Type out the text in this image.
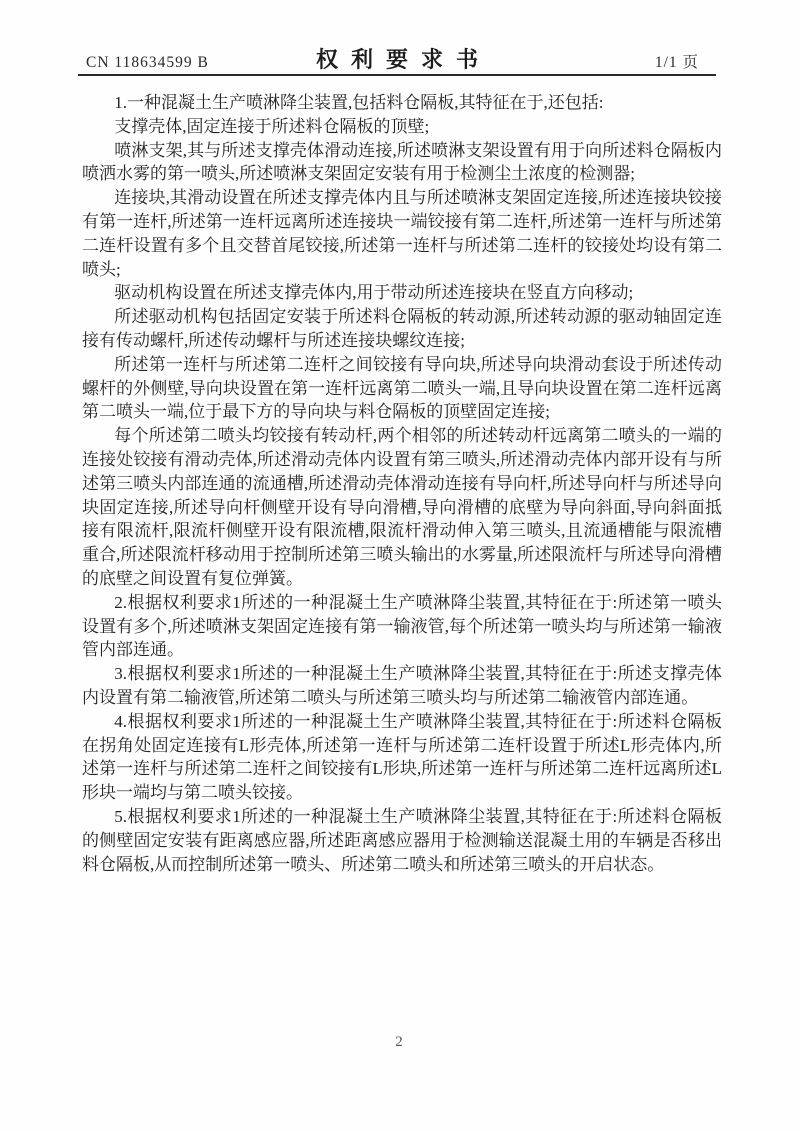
CN 118634599 B	权利要求书	1/1 页

1.一种混凝土生产喷淋降尘装置,包括料仓隔板,其特征在于,还包括:

支撑壳体,固定连接于所述料仓隔板的顶壁;

喷淋支架,其与所述支撑壳体滑动连接,所述喷淋支架设置有用于向所述料仓隔板内喷洒水雾的第一喷头,所述喷淋支架固定安装有用于检测尘土浓度的检测器;

连接块,其滑动设置在所述支撑壳体内且与所述喷淋支架固定连接,所述连接块铰接有第一连杆,所述第一连杆远离所述连接块一端铰接有第二连杆,所述第一连杆与所述第二连杆设置有多个且交替首尾铰接,所述第一连杆与所述第二连杆的铰接处均设有第二喷头;

驱动机构设置在所述支撑壳体内,用于带动所述连接块在竖直方向移动;

所述驱动机构包括固定安装于所述料仓隔板的转动源,所述转动源的驱动轴固定连接有传动螺杆,所述传动螺杆与所述连接块螺纹连接;

所述第一连杆与所述第二连杆之间铰接有导向块,所述导向块滑动套设于所述传动螺杆的外侧壁,导向块设置在第一连杆远离第二喷头一端,且导向块设置在第二连杆远离第二喷头一端,位于最下方的导向块与料仓隔板的顶壁固定连接;

每个所述第二喷头均铰接有转动杆,两个相邻的所述转动杆远离第二喷头的一端的连接处铰接有滑动壳体,所述滑动壳体内设置有第三喷头,所述滑动壳体内部开设有与所述第三喷头内部连通的流通槽,所述滑动壳体滑动连接有导向杆,所述导向杆与所述导向块固定连接,所述导向杆侧壁开设有导向滑槽,导向滑槽的底壁为导向斜面,导向斜面抵接有限流杆,限流杆侧壁开设有限流槽,限流杆滑动伸入第三喷头,且流通槽能与限流槽重合,所述限流杆移动用于控制所述第三喷头输出的水雾量,所述限流杆与所述导向滑槽的底壁之间设置有复位弹簧。

2.根据权利要求1所述的一种混凝土生产喷淋降尘装置,其特征在于:所述第一喷头设置有多个,所述喷淋支架固定连接有第一输液管,每个所述第一喷头均与所述第一输液管内部连通。

3.根据权利要求1所述的一种混凝土生产喷淋降尘装置,其特征在于:所述支撑壳体内设置有第二输液管,所述第二喷头与所述第三喷头均与所述第二输液管内部连通。

4.根据权利要求1所述的一种混凝土生产喷淋降尘装置,其特征在于:所述料仓隔板在拐角处固定连接有L形壳体,所述第一连杆与所述第二连杆设置于所述L形壳体内,所述第一连杆与所述第二连杆之间铰接有L形块,所述第一连杆与所述第二连杆远离所述L形块一端均与第二喷头铰接。

5.根据权利要求1所述的一种混凝土生产喷淋降尘装置,其特征在于:所述料仓隔板的侧壁固定安装有距离感应器,所述距离感应器用于检测输送混凝土用的车辆是否移出料仓隔板,从而控制所述第一喷头、所述第二喷头和所述第三喷头的开启状态。

2
